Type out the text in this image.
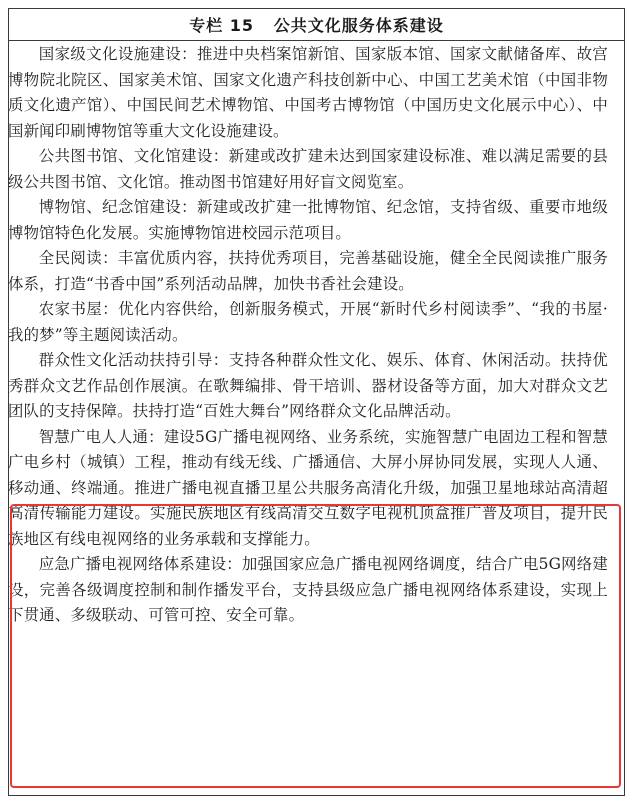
专栏 15
公共文化服务体系建设

国家级文化设施建设：推进中央档案馆新馆、国家版本馆、国家文献储备库、故宫博物院北院区、国家美术馆、国家文化遗产科技创新中心、中国工艺美术馆（中国非物质文化遗产馆）、中国民间艺术博物馆、中国考古博物馆（中国历史文化展示中心）、中国新闻印刷博物馆等重大文化设施建设。

公共图书馆、文化馆建设：新建或改扩建未达到国家建设标准、难以满足需要的县级公共图书馆、文化馆。推动图书馆建好用好盲文阅览室。

博物馆、纪念馆建设：新建或改扩建一批博物馆、纪念馆，支持省级、重要市地级博物馆特色化发展。实施博物馆进校园示范项目。

全民阅读：丰富优质内容，扶持优秀项目，完善基础设施，健全全民阅读推广服务体系，打造“书香中国”系列活动品牌，加快书香社会建设。

农家书屋：优化内容供给，创新服务模式，开展“新时代乡村阅读季”、“我的书屋·我的梦”等主题阅读活动。

群众性文化活动扶持引导：支持各种群众性文化、娱乐、体育、休闲活动。扶持优秀群众文艺作品创作展演。在歌舞编排、骨干培训、器材设备等方面，加大对群众文艺团队的支持保障。扶持打造“百姓大舞台”网络群众文化品牌活动。

智慧广电人人通：建设5G广播电视网络、业务系统，实施智慧广电固边工程和智慧广电乡村（城镇）工程，推动有线无线、广播通信、大屏小屏协同发展，实现人人通、移动通、终端通。推进广播电视直播卫星公共服务高清化升级，加强卫星地球站高清超高清传输能力建设。实施民族地区有线高清交互数字电视机顶盒推广普及项目，提升民族地区有线电视网络的业务承载和支撑能力。

应急广播电视网络体系建设：加强国家应急广播电视网络调度，结合广电5G网络建设，完善各级调度控制和制作播发平台，支持县级应急广播电视网络体系建设，实现上下贯通、多级联动、可管可控、安全可靠。
